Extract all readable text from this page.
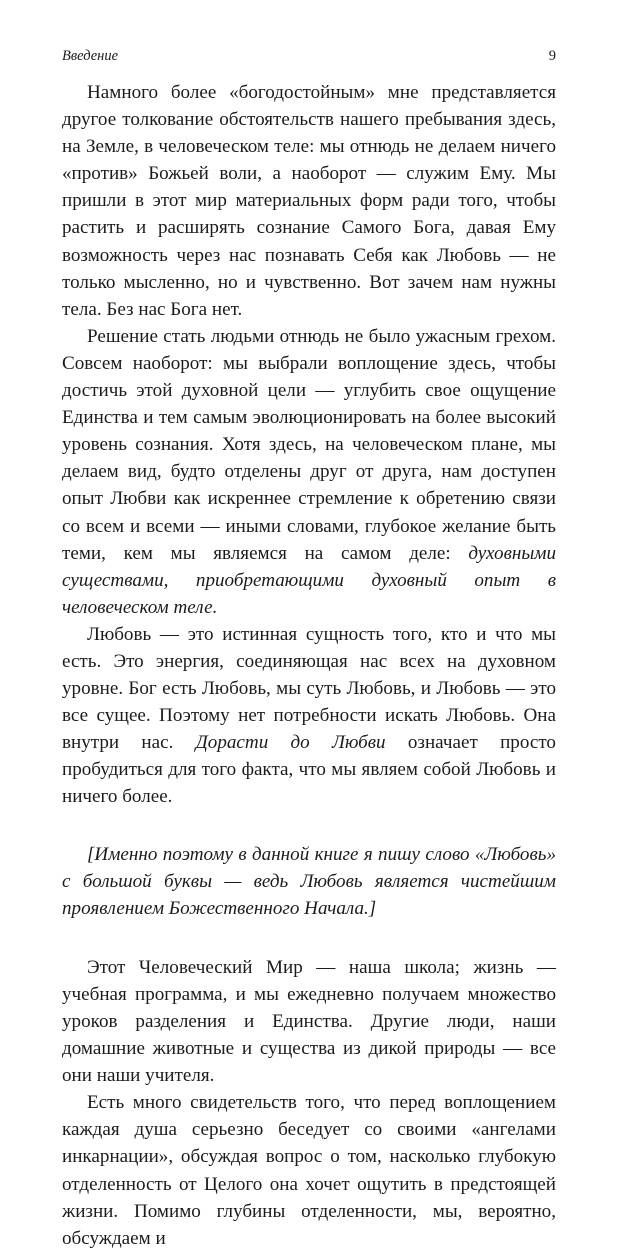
Введение	9

Намного более «богодостойным» мне представляется другое толкование обстоятельств нашего пребывания здесь, на Земле, в человеческом теле: мы отнюдь не делаем ничего «против» Божьей воли, а наоборот — служим Ему. Мы пришли в этот мир материальных форм ради того, чтобы растить и расширять сознание Самого Бога, давая Ему возможность через нас познавать Себя как Любовь — не только мысленно, но и чувственно. Вот зачем нам нужны тела. Без нас Бога нет.

Решение стать людьми отнюдь не было ужасным грехом. Совсем наоборот: мы выбрали воплощение здесь, чтобы достичь этой духовной цели — углубить свое ощущение Единства и тем самым эволюционировать на более высокий уровень сознания. Хотя здесь, на человеческом плане, мы делаем вид, будто отделены друг от друга, нам доступен опыт Любви как искреннее стремление к обретению связи со всем и всеми — иными словами, глубокое желание быть теми, кем мы являемся на самом деле: духовными существами, приобретающими духовный опыт в человеческом теле.

Любовь — это истинная сущность того, кто и что мы есть. Это энергия, соединяющая нас всех на духовном уровне. Бог есть Любовь, мы суть Любовь, и Любовь — это все сущее. Поэтому нет потребности искать Любовь. Она внутри нас. Дорасти до Любви означает просто пробудиться для того факта, что мы являем собой Любовь и ничего более.

[Именно поэтому в данной книге я пишу слово «Любовь» с большой буквы — ведь Любовь является чистейшим проявлением Божественного Начала.]

Этот Человеческий Мир — наша школа; жизнь — учебная программа, и мы ежедневно получаем множество уроков разделения и Единства. Другие люди, наши домашние животные и существа из дикой природы — все они наши учителя.

Есть много свидетельств того, что перед воплощением каждая душа серьезно беседует со своими «ангелами инкарнации», обсуждая вопрос о том, насколько глубокую отделенность от Целого она хочет ощутить в предстоящей жизни. Помимо глубины отделенности, мы, вероятно, обсуждаем и
